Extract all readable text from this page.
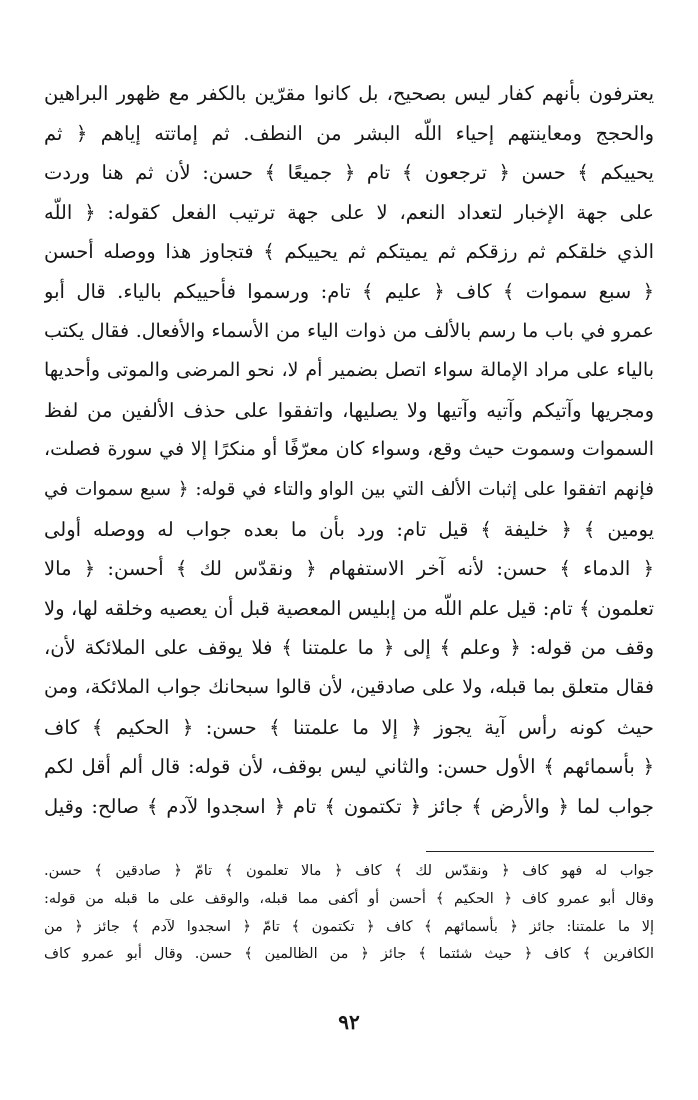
يعترفون بأنهم كفار ليس بصحيح، بل كانوا مقرّين بالكفر مع ظهور البراهين
والحجج ومعاينتهم إحياء اللّه البشر من النطف. ثم إماتته إياهم ﴿ ثم
يحييكم ﴾ حسن ﴿ ترجعون ﴾ تام ﴿ جميعًا ﴾ حسن: لأن ثم هنا وردت
على جهة الإخبار لتعداد النعم، لا على جهة ترتيب الفعل كقوله: ﴿ اللّه
الذي خلقكم ثم رزقكم ثم يميتكم ثم يحييكم ﴾ فتجاوز هذا ووصله أحسن
﴿ سبع سموات ﴾ كاف ﴿ عليم ﴾ تام: ورسموا فأحييكم بالياء. قال أبو
عمرو في باب ما رسم بالألف من ذوات الياء من الأسماء والأفعال. فقال يكتب
بالياء على مراد الإمالة سواء اتصل بضمير أم لا، نحو المرضى والموتى وأحديها
ومجريها وآتيكم وآتيه وآتيها ولا يصليها، واتفقوا على حذف الألفين من لفظ
السموات وسموت حيث وقع، وسواء كان معرّفًا أو منكرًا إلا في سورة فصلت،
فإنهم اتفقوا على إثبات الألف التي بين الواو والتاء في قوله: ﴿ سبع سموات في
يومين ﴾ ﴿ خليفة ﴾ قيل تام: ورد بأن ما بعده جواب له ووصله أولى
﴿ الدماء ﴾ حسن: لأنه آخر الاستفهام ﴿ ونقدّس لك ﴾ أحسن: ﴿ مالا
تعلمون ﴾ تام: قيل علم اللّه من إبليس المعصية قبل أن يعصيه وخلقه لها، ولا
وقف من قوله: ﴿ وعلم ﴾ إلى ﴿ ما علمتنا ﴾ فلا يوقف على الملائكة لأن،
فقال متعلق بما قبله، ولا على صادقين، لأن قالوا سبحانك جواب الملائكة، ومن
حيث كونه رأس آية يجوز ﴿ إلا ما علمتنا ﴾ حسن: ﴿ الحكيم ﴾ كاف
﴿ بأسمائهم ﴾ الأول حسن: والثاني ليس بوقف، لأن قوله: قال ألم أقل لكم
جواب لما ﴿ والأرض ﴾ جائز ﴿ تكتمون ﴾ تام ﴿ اسجدوا لآدم ﴾ صالح: وقيل
جواب له فهو كاف ﴿ ونقدّس لك ﴾ كاف ﴿ مالا تعلمون ﴾ تامّ ﴿ صادقين ﴾ حسن.
وقال أبو عمرو كاف ﴿ الحكيم ﴾ أحسن أو أكفى مما قبله، والوقف على ما قبله من قوله:
إلا ما علمتنا: جائز ﴿ بأسمائهم ﴾ كاف ﴿ تكتمون ﴾ تامّ ﴿ اسجدوا لآدم ﴾ جائز ﴿ من
الكافرين ﴾ كاف ﴿ حيث شئتما ﴾ جائز ﴿ من الظالمين ﴾ حسن. وقال أبو عمرو كاف
٩٢
